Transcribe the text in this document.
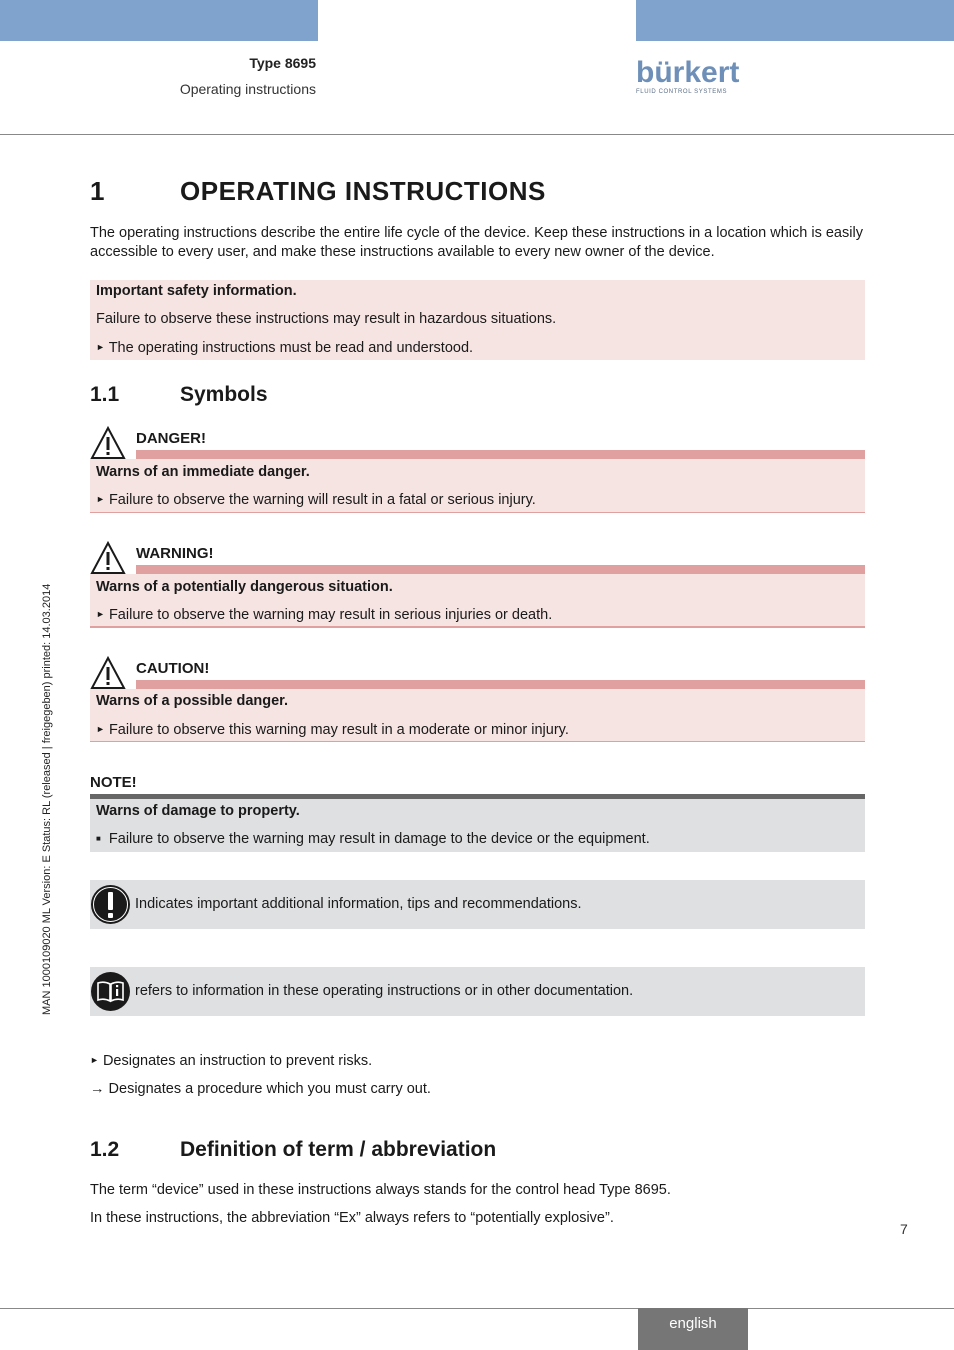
Type 8695
Operating instructions	bürkert
FLUID CONTROL SYSTEMS
1	OPERATING INSTRUCTIONS

The operating instructions describe the entire life cycle of the device. Keep these instructions in a location which is easily accessible to every user, and make these instructions available to every new owner of the device.

Important safety information.
Failure to observe these instructions may result in hazardous situations.
► The operating instructions must be read and understood.
1.1	Symbols
DANGER!
Warns of an immediate danger.
► Failure to observe the warning will result in a fatal or serious injury.
WARNING!
Warns of a potentially dangerous situation.
► Failure to observe the warning may result in serious injuries or death.
CAUTION!
Warns of a possible danger.
► Failure to observe this warning may result in a moderate or minor injury.
NOTE!
Warns of damage to property.
■ Failure to observe the warning may result in damage to the device or the equipment.
Indicates important additional information, tips and recommendations.
refers to information in these operating instructions or in other documentation.
► Designates an instruction to prevent risks.
→ Designates a procedure which you must carry out.
1.2	Definition of term / abbreviation
The term “device” used in these instructions always stands for the control head Type 8695.
In these instructions, the abbreviation “Ex” always refers to “potentially explosive”.
7
MAN 1000109020 ML Version: E Status: RL (released | freigegeben) printed: 14.03.2014
english
